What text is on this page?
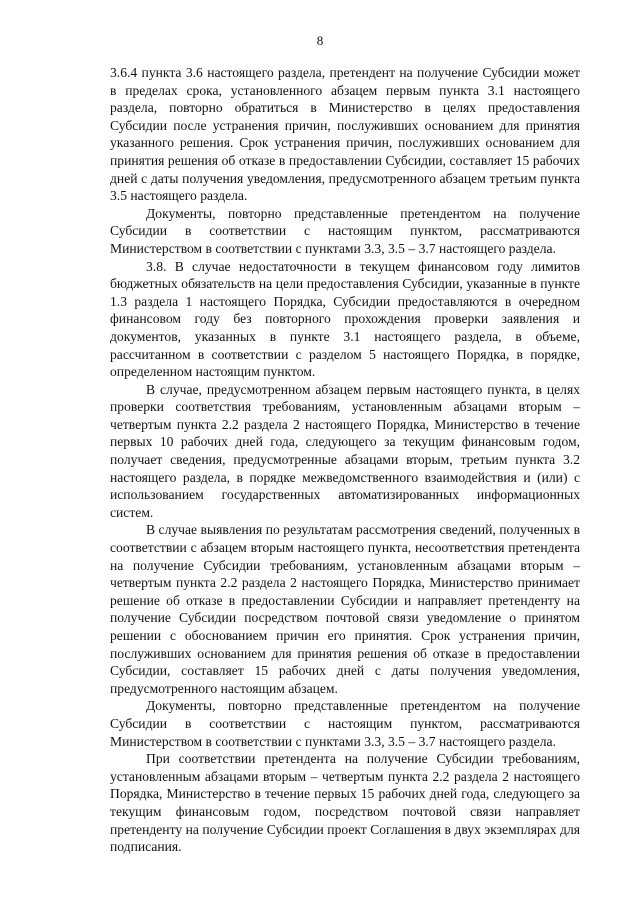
8

3.6.4 пункта 3.6 настоящего раздела, претендент на получение Субсидии может в пределах срока, установленного абзацем первым пункта 3.1 настоящего раздела, повторно обратиться в Министерство в целях предоставления Субсидии после устранения причин, послуживших основанием для принятия указанного решения. Срок устранения причин, послуживших основанием для принятия решения об отказе в предоставлении Субсидии, составляет 15 рабочих дней с даты получения уведомления, предусмотренного абзацем третьим пункта 3.5 настоящего раздела.

Документы, повторно представленные претендентом на получение Субсидии в соответствии с настоящим пунктом, рассматриваются Министерством в соответствии с пунктами 3.3, 3.5 – 3.7 настоящего раздела.

3.8. В случае недостаточности в текущем финансовом году лимитов бюджетных обязательств на цели предоставления Субсидии, указанные в пункте 1.3 раздела 1 настоящего Порядка, Субсидии предоставляются в очередном финансовом году без повторного прохождения проверки заявления и документов, указанных в пункте 3.1 настоящего раздела, в объеме, рассчитанном в соответствии с разделом 5 настоящего Порядка, в порядке, определенном настоящим пунктом.

В случае, предусмотренном абзацем первым настоящего пункта, в целях проверки соответствия требованиям, установленным абзацами вторым – четвертым пункта 2.2 раздела 2 настоящего Порядка, Министерство в течение первых 10 рабочих дней года, следующего за текущим финансовым годом, получает сведения, предусмотренные абзацами вторым, третьим пункта 3.2 настоящего раздела, в порядке межведомственного взаимодействия и (или) с использованием государственных автоматизированных информационных систем.

В случае выявления по результатам рассмотрения сведений, полученных в соответствии с абзацем вторым настоящего пункта, несоответствия претендента на получение Субсидии требованиям, установленным абзацами вторым – четвертым пункта 2.2 раздела 2 настоящего Порядка, Министерство принимает решение об отказе в предоставлении Субсидии и направляет претенденту на получение Субсидии посредством почтовой связи уведомление о принятом решении с обоснованием причин его принятия. Срок устранения причин, послуживших основанием для принятия решения об отказе в предоставлении Субсидии, составляет 15 рабочих дней с даты получения уведомления, предусмотренного настоящим абзацем.

Документы, повторно представленные претендентом на получение Субсидии в соответствии с настоящим пунктом, рассматриваются Министерством в соответствии с пунктами 3.3, 3.5 – 3.7 настоящего раздела.

При соответствии претендента на получение Субсидии требованиям, установленным абзацами вторым – четвертым пункта 2.2 раздела 2 настоящего Порядка, Министерство в течение первых 15 рабочих дней года, следующего за текущим финансовым годом, посредством почтовой связи направляет претенденту на получение Субсидии проект Соглашения в двух экземплярах для подписания.
